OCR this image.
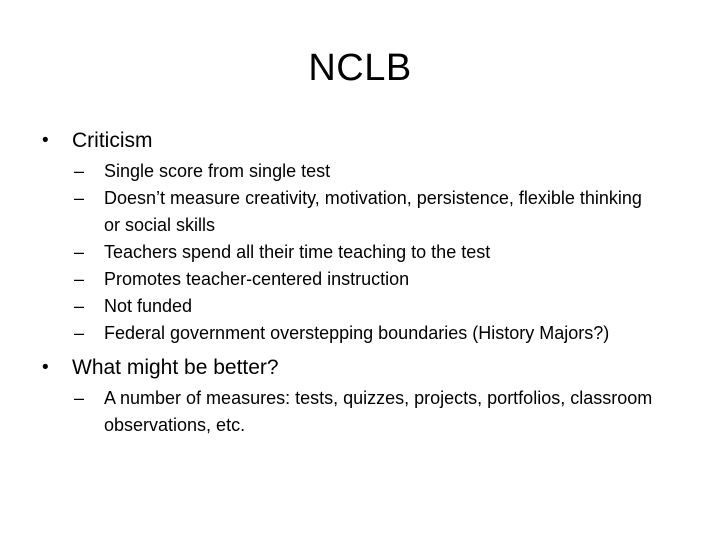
NCLB
•	Criticism
–	Single score from single test
–	Doesn’t measure creativity, motivation, persistence, flexible thinking or social skills
–	Teachers spend all their time teaching to the test
–	Promotes teacher-centered instruction
–	Not funded
–	Federal government overstepping boundaries (History Majors?)
•	What might be better?
–	A number of measures: tests, quizzes, projects, portfolios, classroom observations, etc.
